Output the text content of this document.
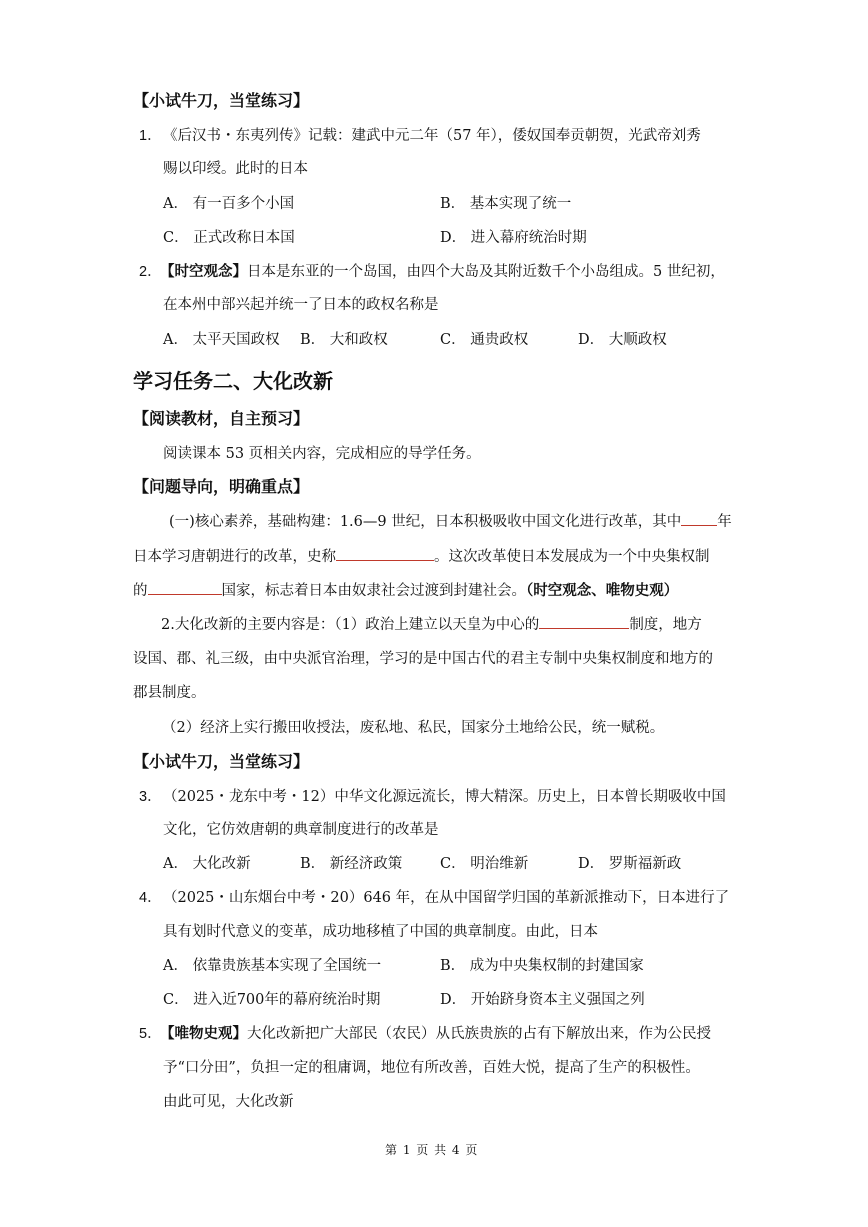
【小试牛刀，当堂练习】
1． 《后汉书・东夷列传》记载：建武中元二年（57 年），倭奴国奉贡朝贺，光武帝刘秀
赐以印绶。此时的日本
A． 有一百多个小国	B． 基本实现了统一
C． 正式改称日本国	D． 进入幕府统治时期
2．
【时空观念】日本是东亚的一个岛国，由四个大岛及其附近数千个小岛组成。5 世纪初，
在本州中部兴起并统一了日本的政权名称是
A． 太平天国政权 B． 大和政权	C． 通贵政权	D． 大顺政权
学习任务二、大化改新
【阅读教材，自主预习】
阅读课本 53 页相关内容，完成相应的导学任务。
【问题导向，明确重点】
(一)核心素养，基础构建：1.6—9 世纪，日本积极吸收中国文化进行改革，其中 年
日本学习唐朝进行的改革，史称	。这次改革使日本发展成为一个中央集权制
的	国家，标志着日本由奴隶社会过渡到封建社会。（时空观念、唯物史观）
2.大化改新的主要内容是：（1）政治上建立以天皇为中心的	制度，地方
设国、郡、礼三级，由中央派官治理，学习的是中国古代的君主专制中央集权制度和地方的
郡县制度。
（2）经济上实行搬田收授法，废私地、私民，国家分土地给公民，统一赋税。
【小试牛刀，当堂练习】
3． （2025・龙东中考・12）中华文化源远流长，博大精深。历史上，日本曾长期吸收中国
文化，它仿效唐朝的典章制度进行的改革是
A． 大化改新	B． 新经济政策	C． 明治维新	D． 罗斯福新政
4． （2025・山东烟台中考・20）646 年，在从中国留学归国的革新派推动下，日本进行了
具有划时代意义的变革，成功地移植了中国的典章制度。由此，日本
A． 依靠贵族基本实现了全国统一	B． 成为中央集权制的封建国家
C． 进入近700年的幕府统治时期	D． 开始跻身资本主义强国之列
5．
【唯物史观】大化改新把广大部民（农民）从氏族贵族的占有下解放出来，作为公民授
予“口分田”，负担一定的租庸调，地位有所改善，百姓大悦，提高了生产的积极性。
由此可见，大化改新
第 1 页 共 4 页
